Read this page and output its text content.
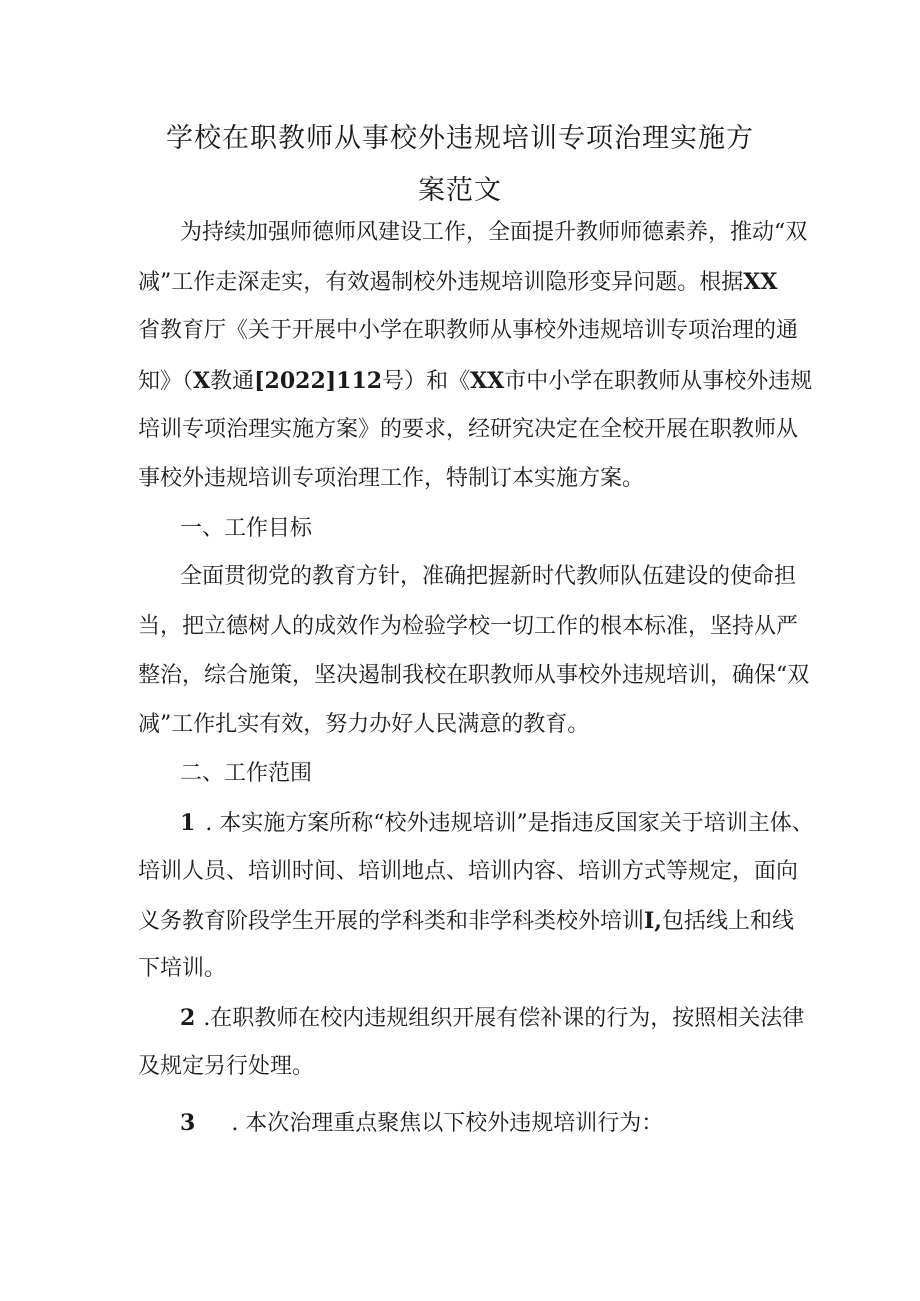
学校在职教师从事校外违规培训专项治理实施方
案范文

为持续加强师德师风建设工作，全面提升教师师德素养，推动“双

减”工作走深走实，有效遏制校外违规培训隐形变异问题。根据XX

省教育厅《关于开展中小学在职教师从事校外违规培训专项治理的通

知》（X教通[2022]112号）和《XX市中小学在职教师从事校外违规

培训专项治理实施方案》的要求，经研究决定在全校开展在职教师从

事校外违规培训专项治理工作，特制订本实施方案。

一、工作目标

全面贯彻党的教育方针，准确把握新时代教师队伍建设的使命担

当，把立德树人的成效作为检验学校一切工作的根本标准，坚持从严

整治，综合施策，坚决遏制我校在职教师从事校外违规培训，确保“双

减”工作扎实有效，努力办好人民满意的教育。

二、工作范围

1 . 本实施方案所称“校外违规培训”是指违反国家关于培训主体、

培训人员、培训时间、培训地点、培训内容、培训方式等规定，面向

义务教育阶段学生开展的学科类和非学科类校外培训I,包括线上和线

下培训。

2 .在职教师在校内违规组织开展有偿补课的行为，按照相关法律

及规定另行处理。

3 . 本次治理重点聚焦以下校外违规培训行为：
